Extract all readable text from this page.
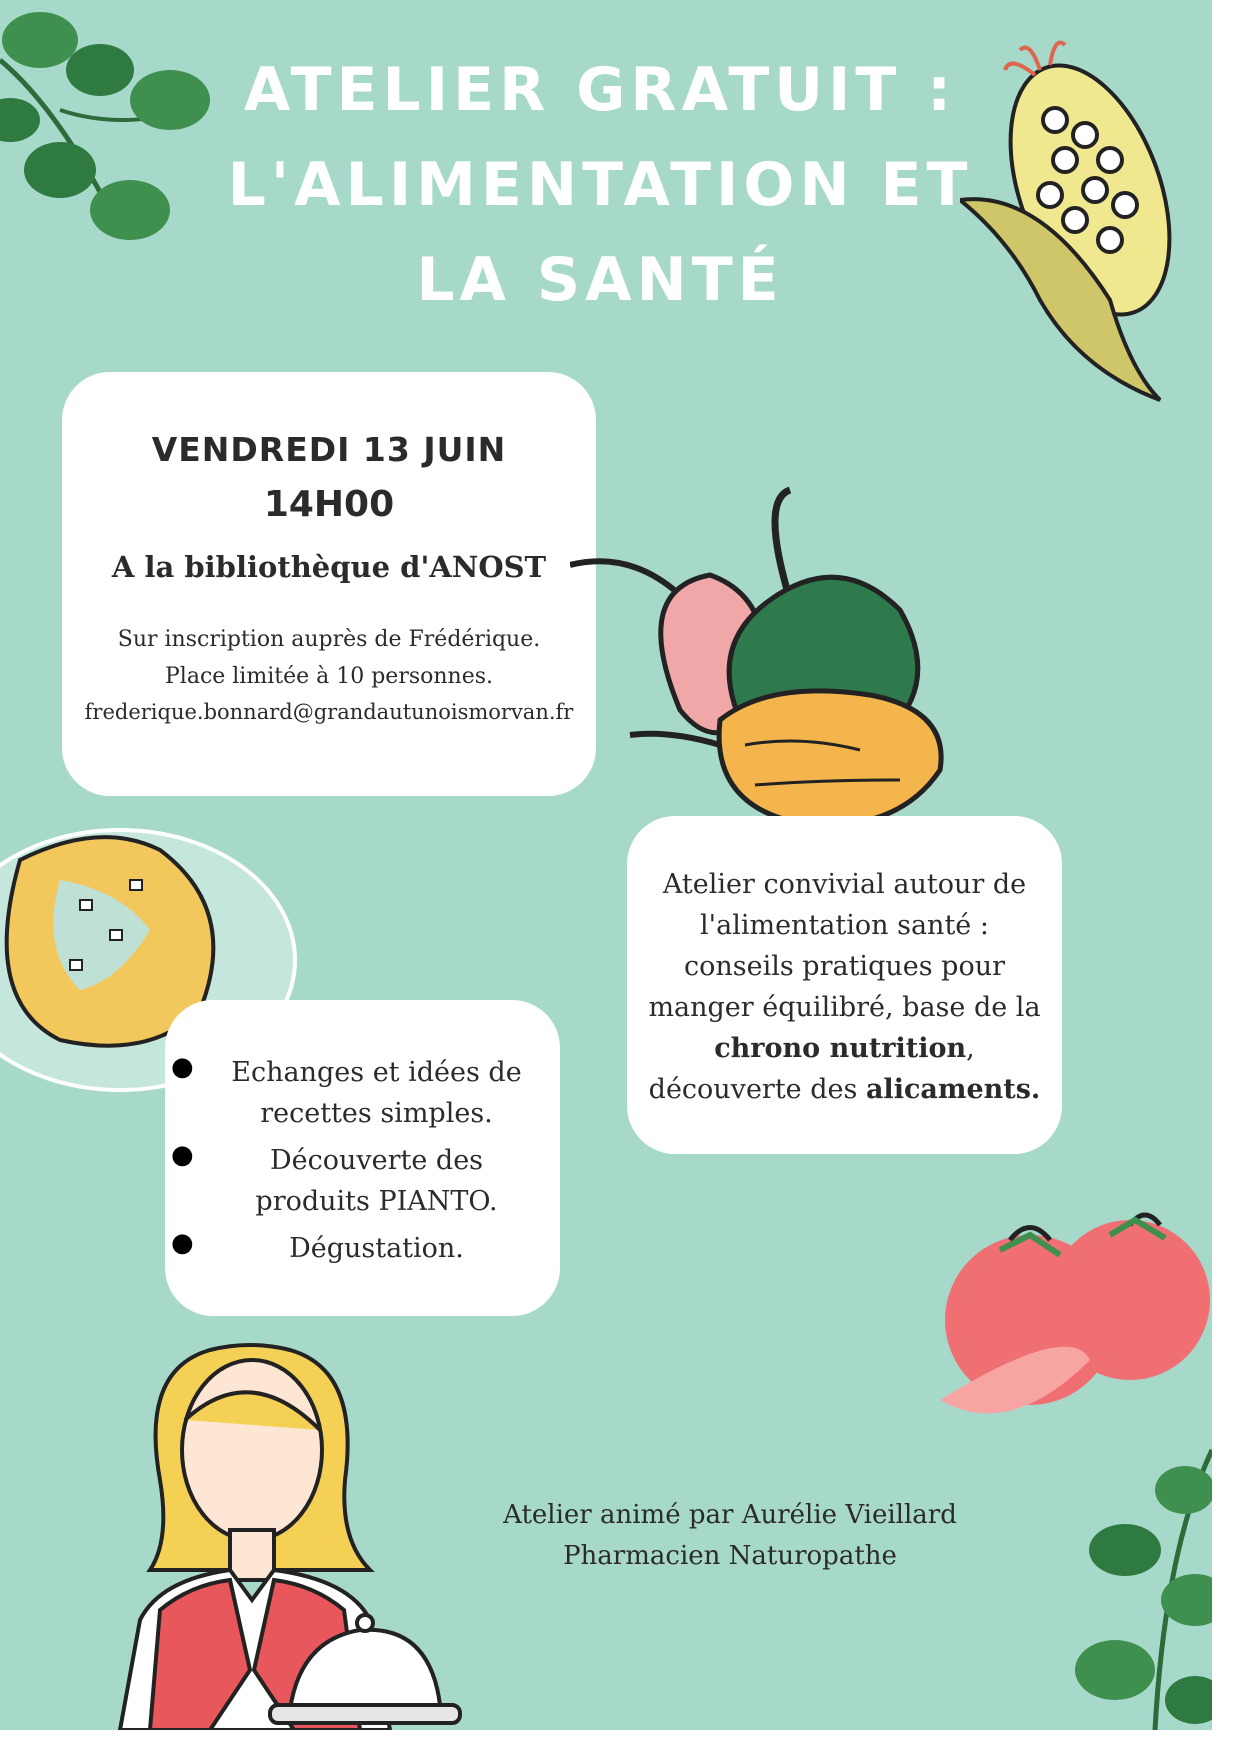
ATELIER GRATUIT :
L'ALIMENTATION ET
LA SANTÉ
VENDREDI 13 JUIN
14H00
A la bibliothèque d'ANOST
Sur inscription auprès de Frédérique.
Place limitée à 10 personnes.
frederique.bonnard@grandautunoismorvan.fr
Atelier convivial autour de l'alimentation santé : conseils pratiques pour manger équilibré, base de la chrono nutrition, découverte des alicaments.
●	Echanges et idées de recettes simples.
●	Découverte des produits PIANTO.
●	Dégustation.
Atelier animé par Aurélie Vieillard
Pharmacien Naturopathe
